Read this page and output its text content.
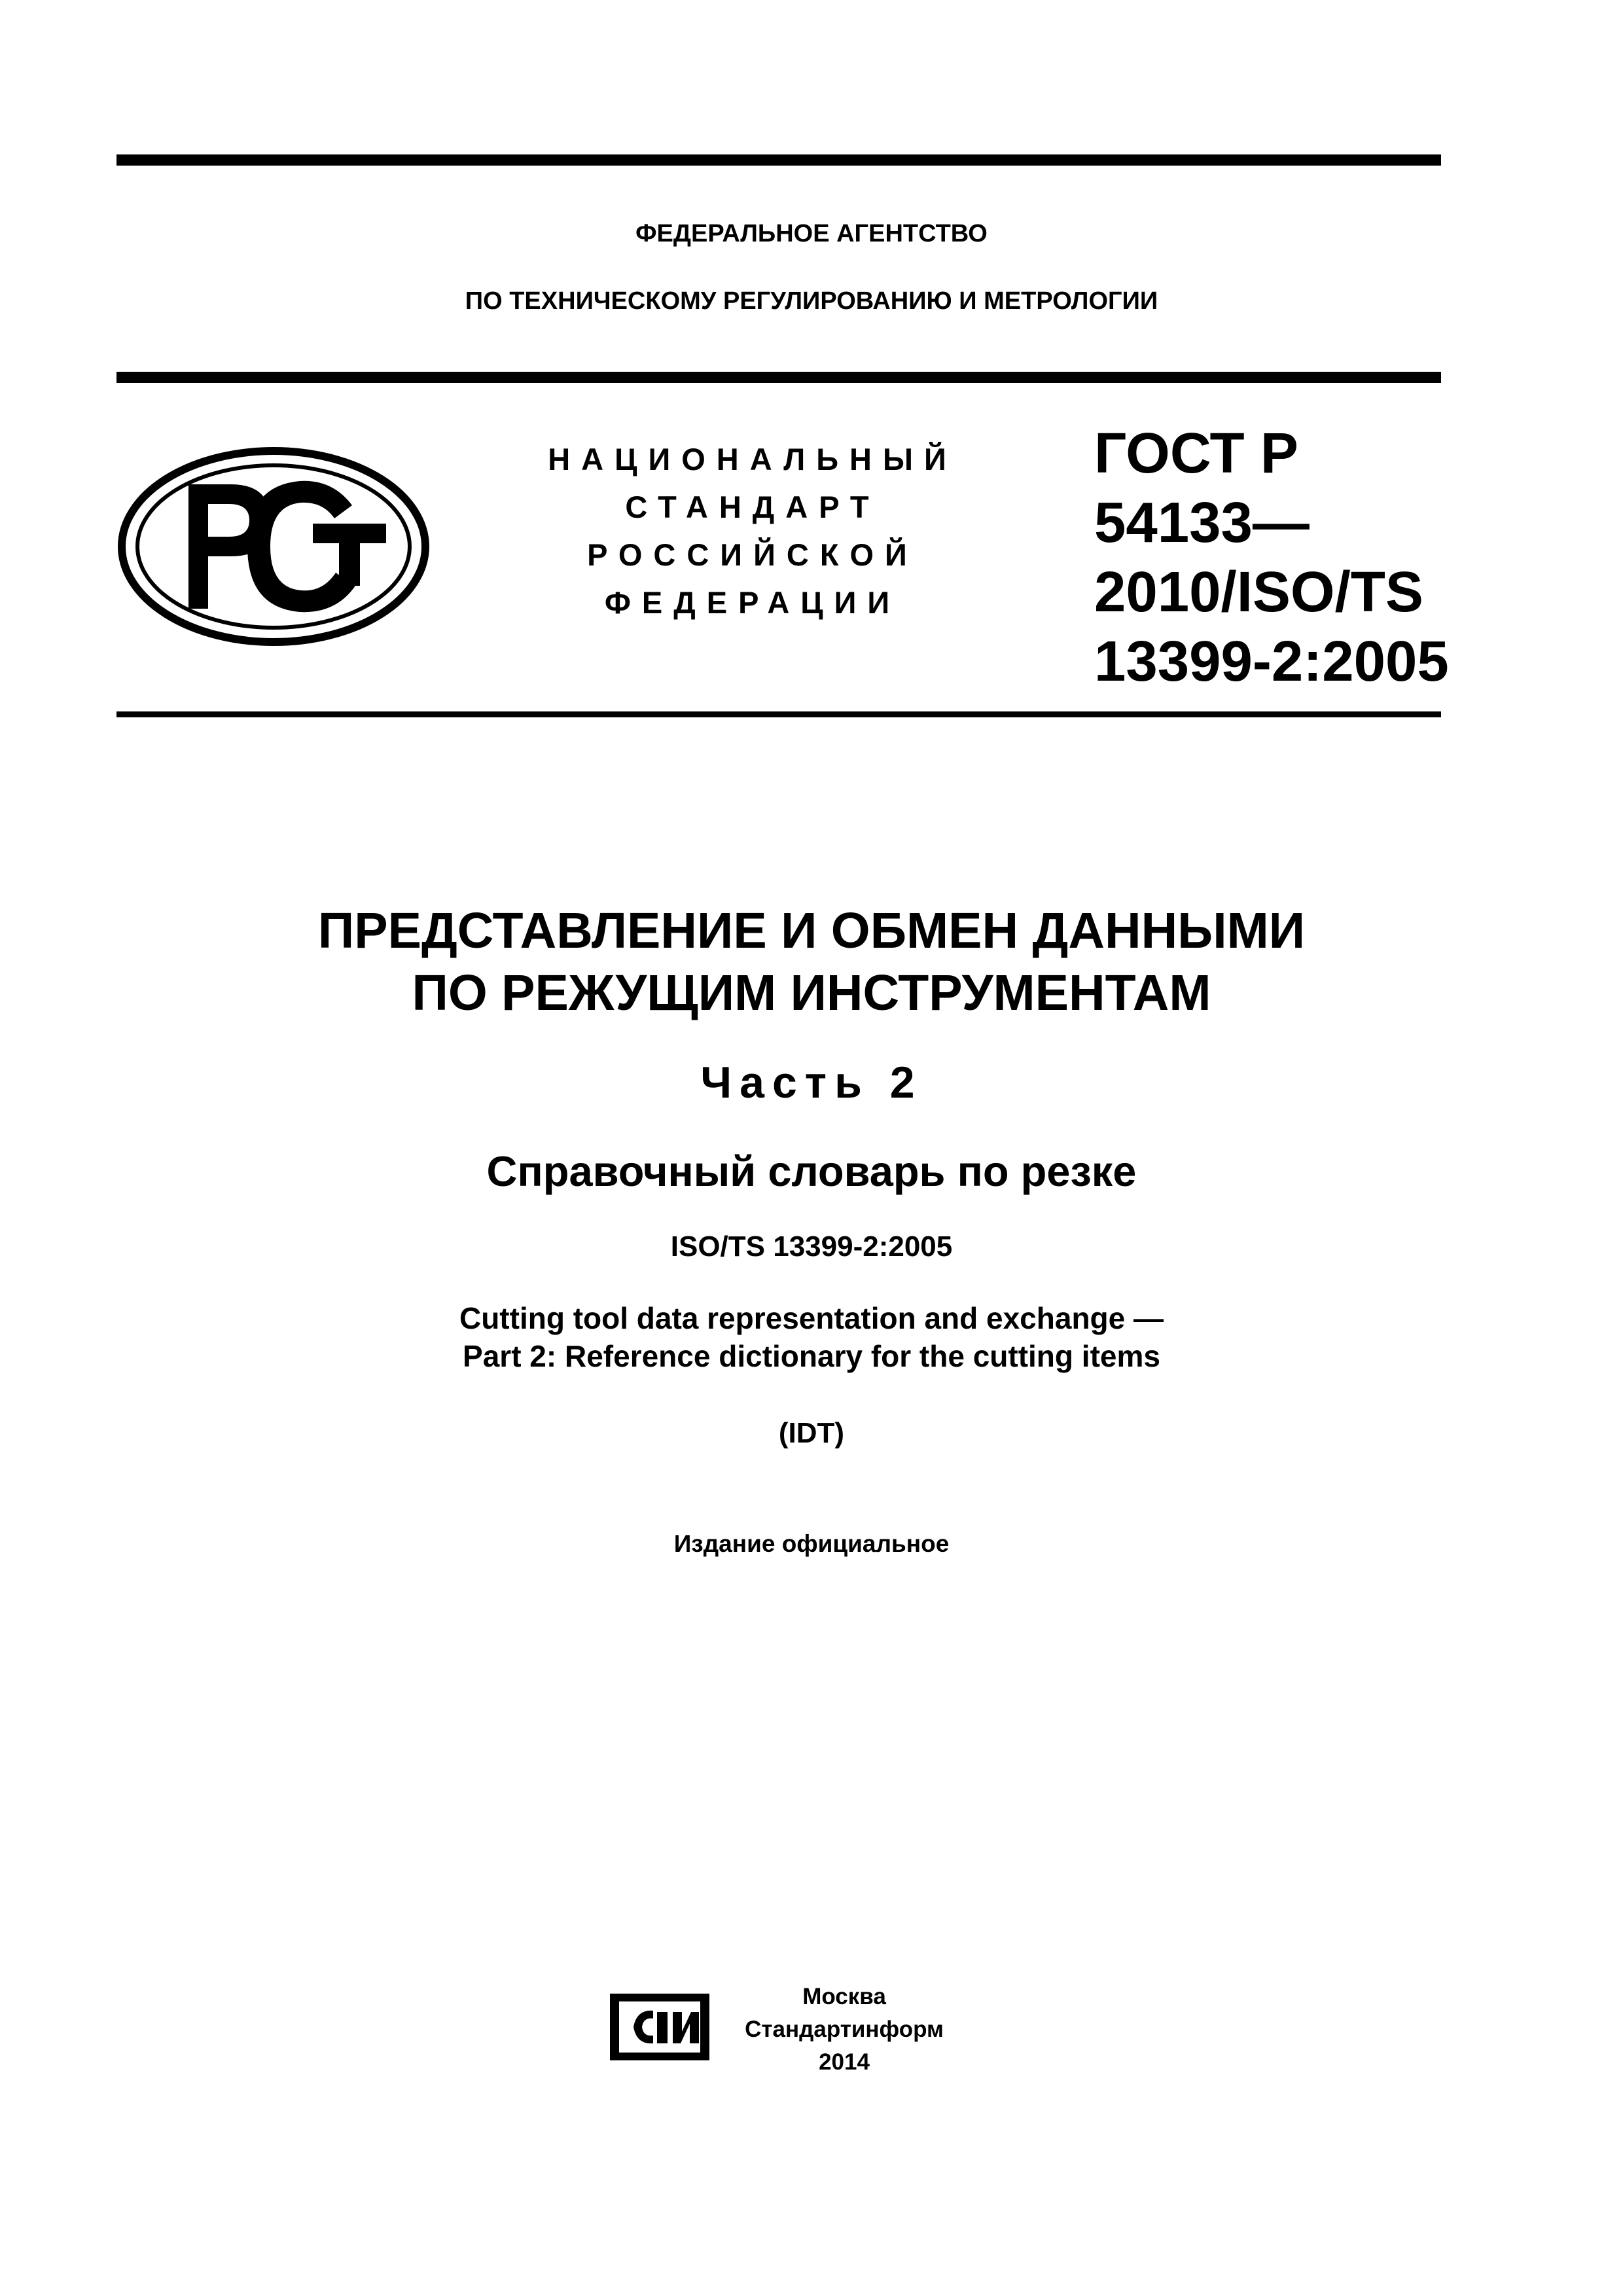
ФЕДЕРАЛЬНОЕ АГЕНТСТВО
ПО ТЕХНИЧЕСКОМУ РЕГУЛИРОВАНИЮ И МЕТРОЛОГИИ
НАЦИОНАЛЬНЫЙ
СТАНДАРТ
РОССИЙСКОЙ
ФЕДЕРАЦИИ
ГОСТ Р
54133—
2010/ISO/TS
13399-2:2005
ПРЕДСТАВЛЕНИЕ И ОБМЕН ДАННЫМИ
ПО РЕЖУЩИМ ИНСТРУМЕНТАМ
Часть 2
Справочный словарь по резке
ISO/TS 13399-2:2005
Cutting tool data representation and exchange —
Part 2: Reference dictionary for the cutting items
(IDT)
Издание официальное
Москва
Стандартинформ
2014
